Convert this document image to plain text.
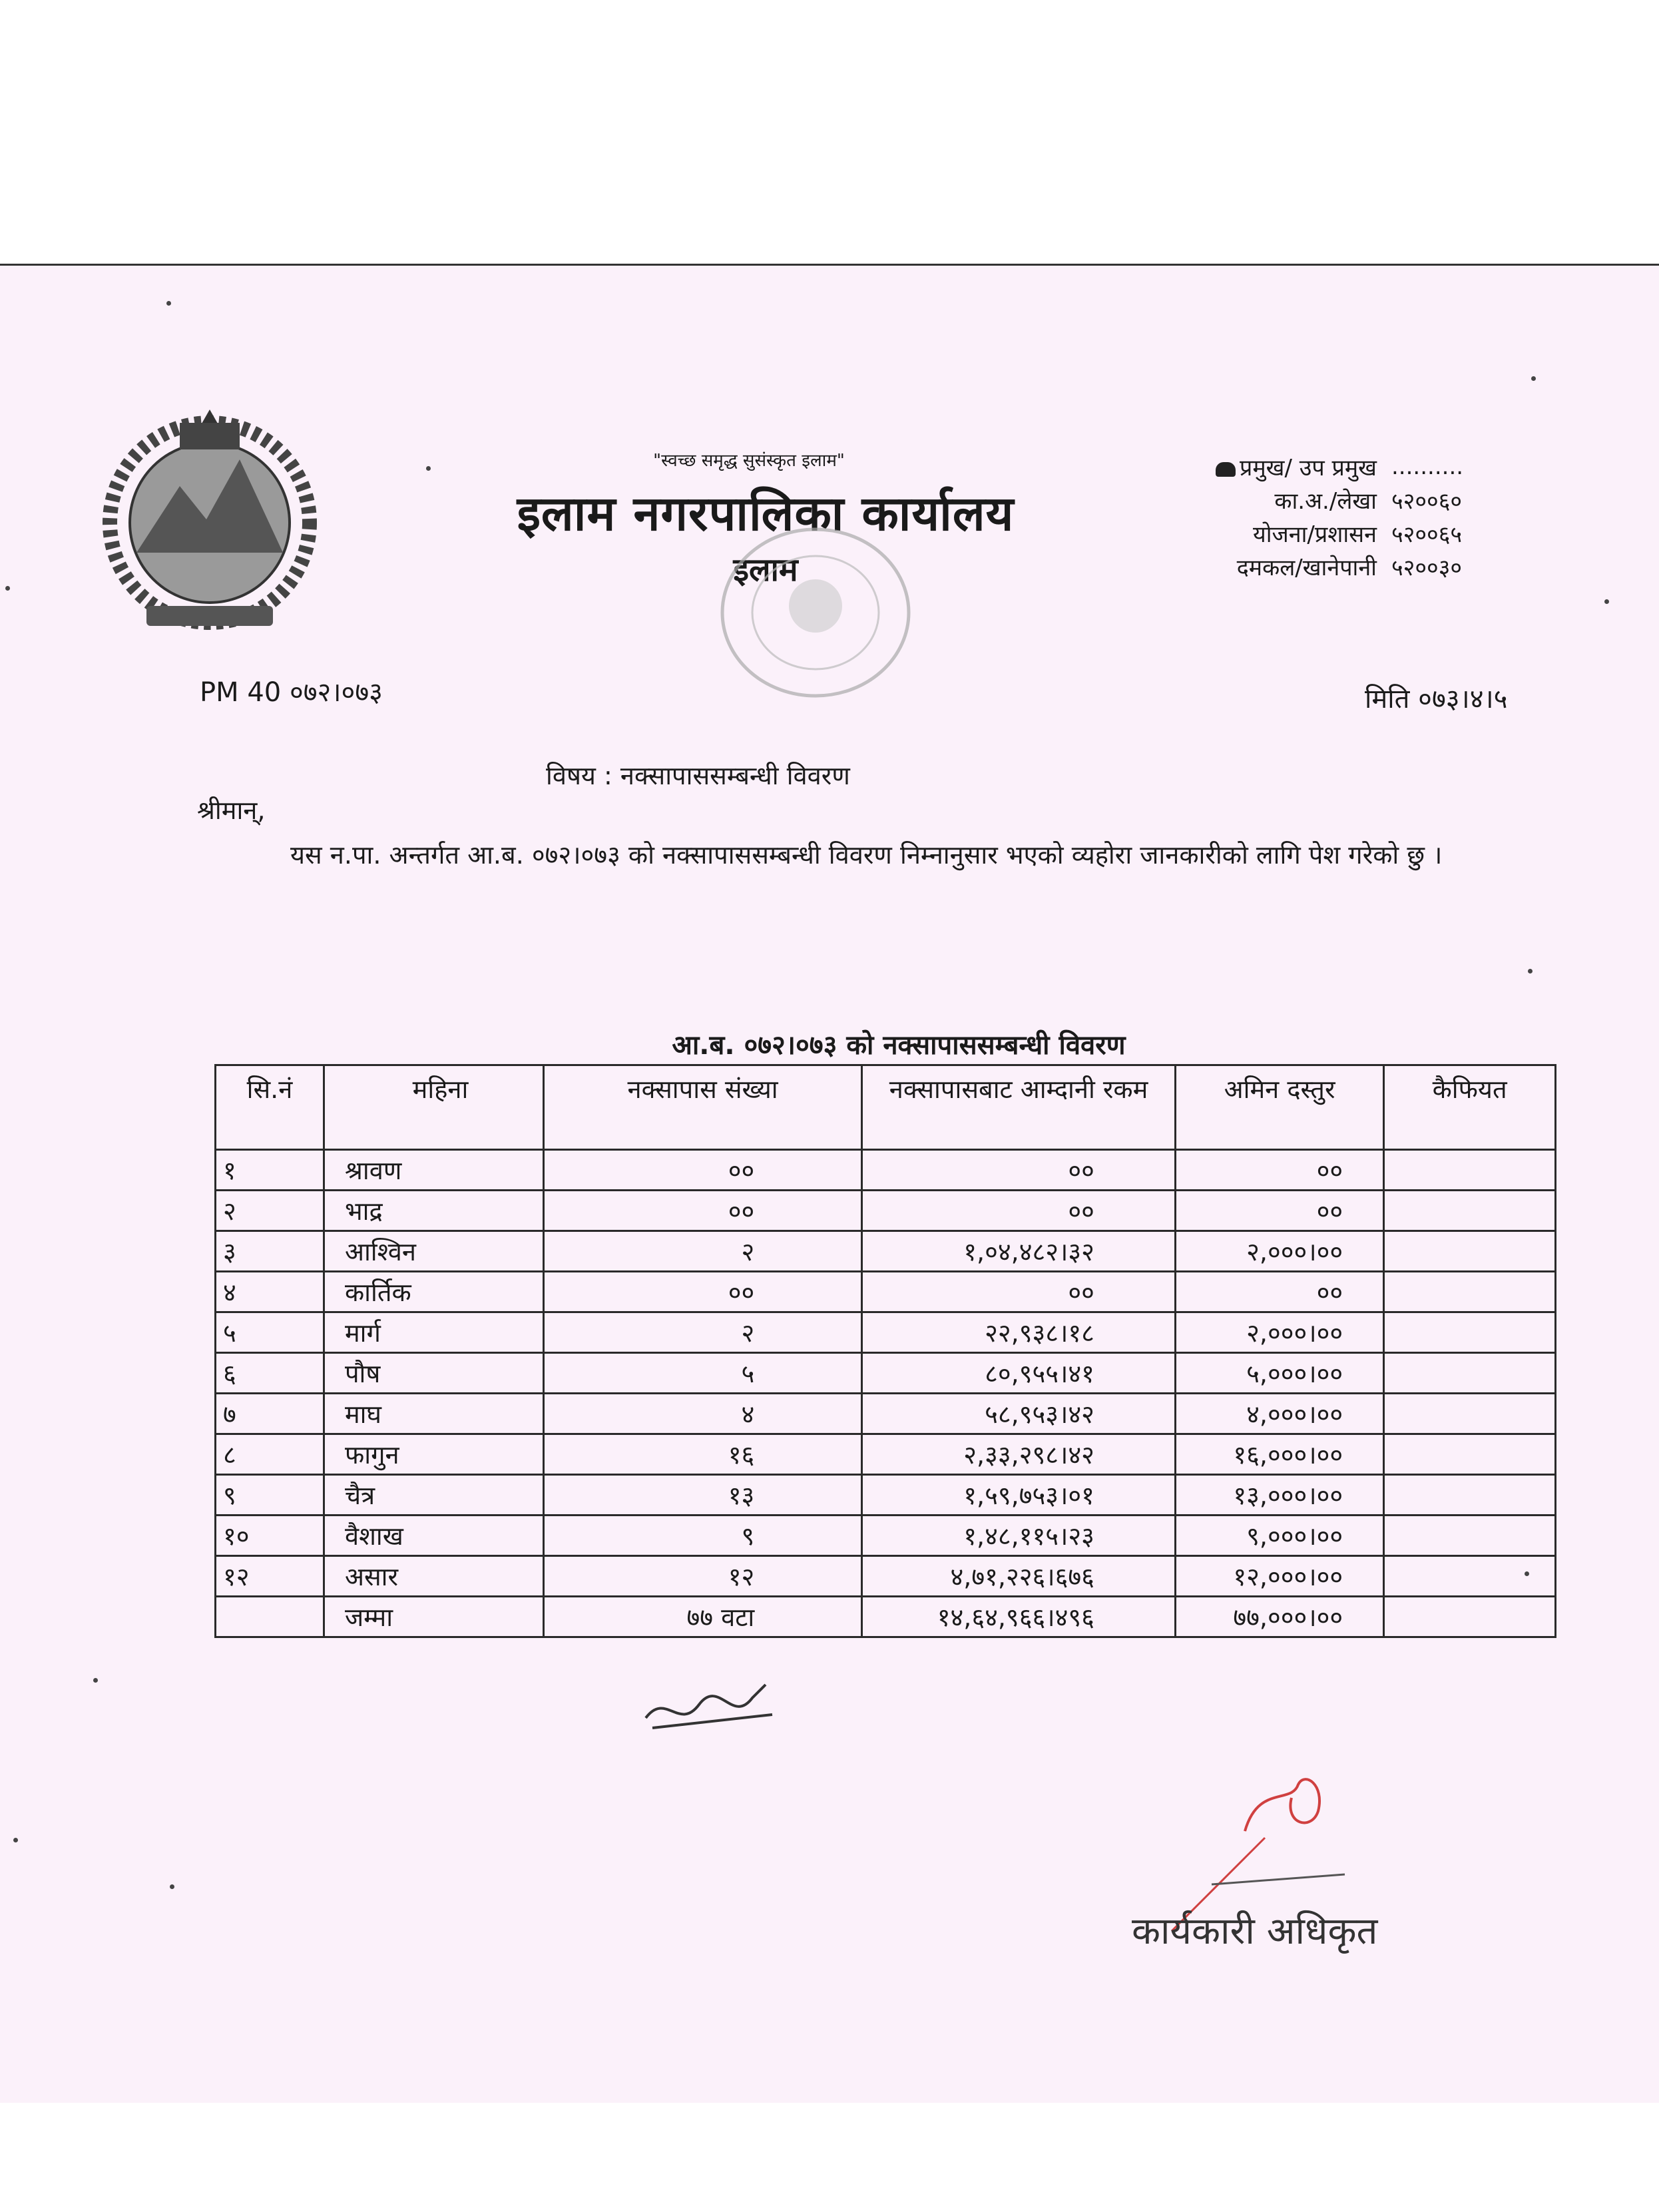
"स्वच्छ समृद्ध सुसंस्कृत इलाम"
इलाम नगरपालिका कार्यालय
इलाम
प्रमुख/ उप प्रमुख ..........
का.अ./लेखा ५२००६०
योजना/प्रशासन ५२००६५
दमकल/खानेपानी ५२००३०
PM 40 ०७२।०७३	मिति ०७३।४।५
विषय : नक्सापाससम्बन्धी विवरण
श्रीमान्,
यस न.पा. अन्तर्गत आ.ब. ०७२।०७३ को नक्सापाससम्बन्धी विवरण निम्नानुसार भएको व्यहोरा जानकारीको लागि पेश गरेको छु ।
आ.ब. ०७२।०७३ को नक्सापाससम्बन्धी विवरण
सि.नं	महिना	नक्सापास संख्या	नक्सापासबाट आम्दानी रकम	अमिन दस्तुर	कैफियत
१	श्रावण	००	००	००	
२	भाद्र	००	००	००	
३	आश्विन	२	१,०४,४८२।३२	२,०००।००	
४	कार्तिक	००	००	००	
५	मार्ग	२	२२,९३८।१८	२,०००।००	
६	पौष	५	८०,९५५।४१	५,०००।००	
७	माघ	४	५८,९५३।४२	४,०००।००	
८	फागुन	१६	२,३३,२९८।४२	१६,०००।००	
९	चैत्र	१३	१,५९,७५३।०१	१३,०००।००	
१०	वैशाख	९	१,४८,११५।२३	९,०००।००	
१२	असार	१२	४,७१,२२६।६७६	१२,०००।००	
	जम्मा	७७ वटा	१४,६४,९६६।४९६	७७,०००।००	
कार्यकारी अधिकृत
